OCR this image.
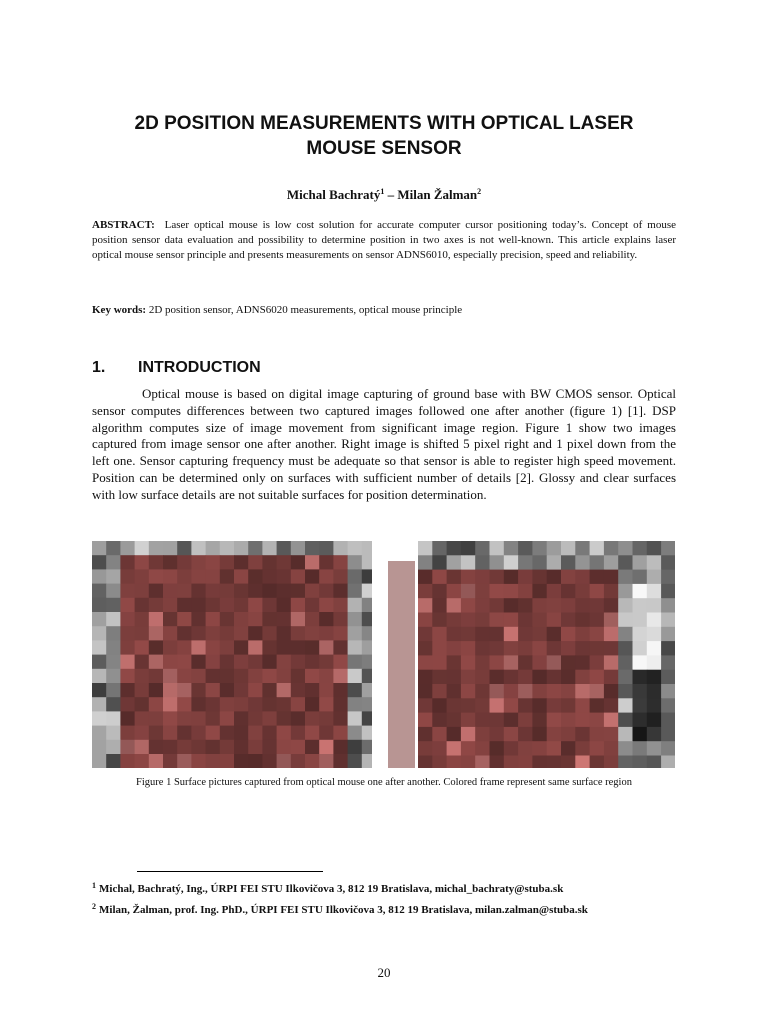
2D POSITION MEASUREMENTS WITH OPTICAL LASER
MOUSE SENSOR
Michal Bachratý$^1$ – Milan Žalman$^2$
ABSTRACT: Laser optical mouse is low cost solution for accurate computer cursor positioning today’s. Concept of mouse position sensor data evaluation and possibility to determine position in two axes is not well-known. This article explains laser optical mouse sensor principle and presents measurements on sensor ADNS6010, especially precision, speed and reliability.
Key words: 2D position sensor, ADNS6020 measurements, optical mouse principle
1. INTRODUCTION
Optical mouse is based on digital image capturing of ground base with BW CMOS sensor. Optical sensor computes differences between two captured images followed one after another (figure 1) [1]. DSP algorithm computes size of image movement from significant image region. Figure 1 show two images captured from image sensor one after another. Right image is shifted 5 pixel right and 1 pixel down from the left one. Sensor capturing frequency must be adequate so that sensor is able to register high speed movement. Position can be determined only on surfaces with sufficient number of details [2]. Glossy and clear surfaces with low surface details are not suitable surfaces for position determination.
Figure 1 Surface pictures captured from optical mouse one after another. Colored frame represent same surface region
$^1$ Michal, Bachratý, Ing., ÚRPI FEI STU Ilkovičova 3, 812 19 Bratislava, michal_bachraty@stuba.sk
$^2$ Milan, Žalman, prof. Ing. PhD., ÚRPI FEI STU Ilkovičova 3, 812 19 Bratislava, milan.zalman@stuba.sk
20
